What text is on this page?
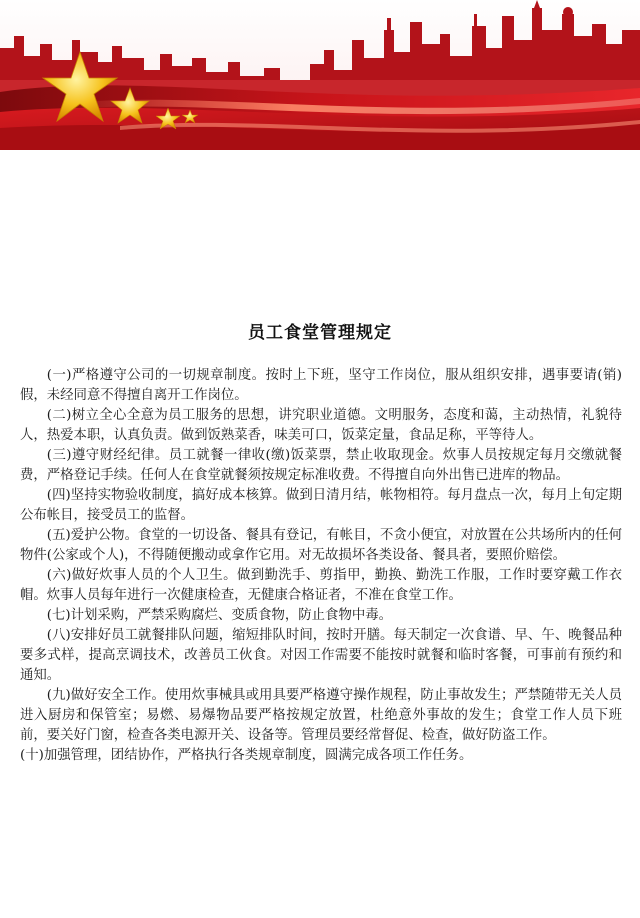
员工食堂管理规定

(一)严格遵守公司的一切规章制度。按时上下班，坚守工作岗位，服从组织安排，遇事要请(销)假，未经同意不得擅自离开工作岗位。

(二)树立全心全意为员工服务的思想，讲究职业道德。文明服务，态度和蔼，主动热情，礼貌待人，热爱本职，认真负责。做到饭熟菜香，味美可口，饭菜定量，食品足称，平等待人。

(三)遵守财经纪律。员工就餐一律收(缴)饭菜票，禁止收取现金。炊事人员按规定每月交缴就餐费，严格登记手续。任何人在食堂就餐须按规定标准收费。不得擅自向外出售已进库的物品。

(四)坚持实物验收制度，搞好成本核算。做到日清月结，帐物相符。每月盘点一次，每月上旬定期公布帐目，接受员工的监督。

(五)爱护公物。食堂的一切设备、餐具有登记，有帐目，不贪小便宜，对放置在公共场所内的任何物件(公家或个人)，不得随便搬动或拿作它用。对无故损坏各类设备、餐具者，要照价赔偿。

(六)做好炊事人员的个人卫生。做到勤洗手、剪指甲，勤换、勤洗工作服，工作时要穿戴工作衣帽。炊事人员每年进行一次健康检查，无健康合格证者，不准在食堂工作。

(七)计划采购，严禁采购腐烂、变质食物，防止食物中毒。

(八)安排好员工就餐排队问题，缩短排队时间，按时开膳。每天制定一次食谱、早、午、晚餐品种要多式样，提高烹调技术，改善员工伙食。对因工作需要不能按时就餐和临时客餐，可事前有预约和通知。

(九)做好安全工作。使用炊事械具或用具要严格遵守操作规程，防止事故发生；严禁随带无关人员进入厨房和保管室；易燃、易爆物品要严格按规定放置，杜绝意外事故的发生；食堂工作人员下班前，要关好门窗，检查各类电源开关、设备等。管理员要经常督促、检查，做好防盗工作。

(十)加强管理，团结协作，严格执行各类规章制度，圆满完成各项工作任务。
